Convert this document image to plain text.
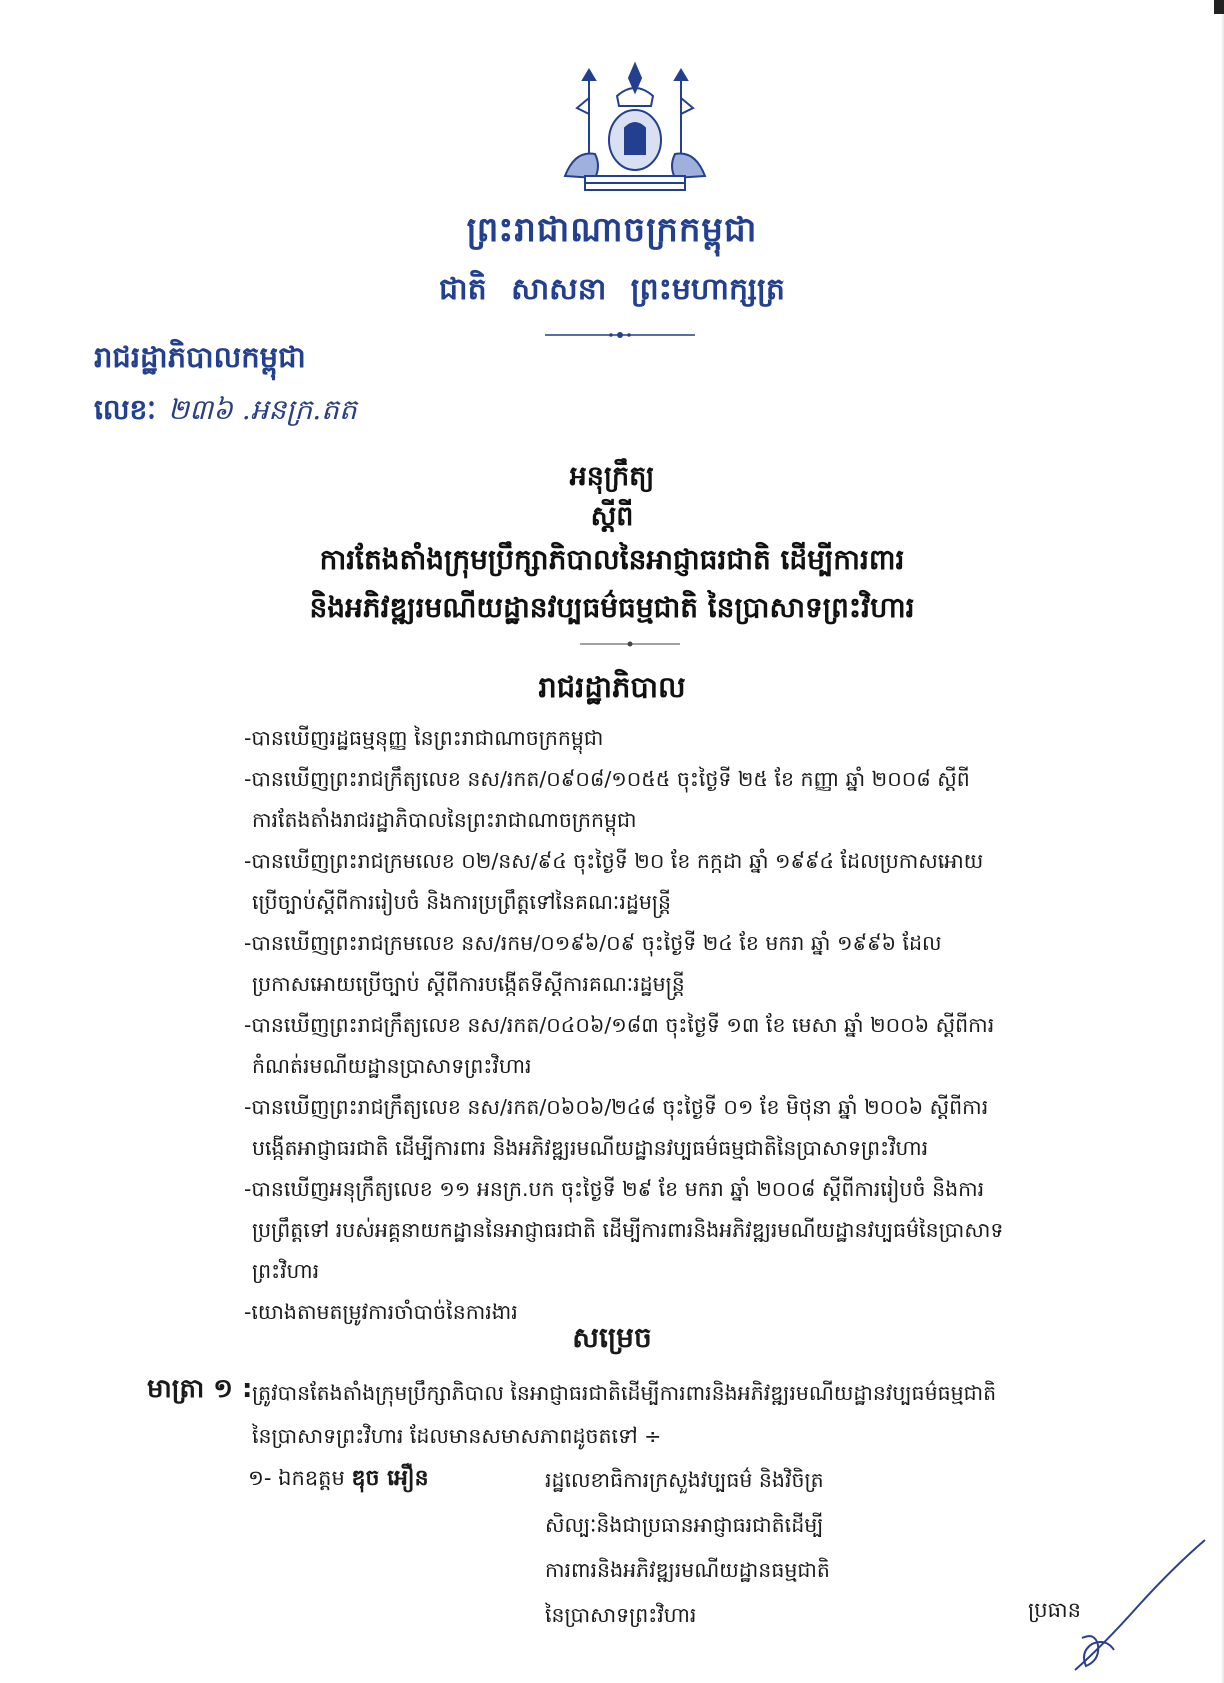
ព្រះរាជាណាចក្រកម្ពុជា
ជាតិ សាសនា ព្រះមហាក្សត្រ
រាជរដ្ឋាភិបាលកម្ពុជា
លេខៈ ២៣៦ .អនក្រ.តត
អនុក្រឹត្យ
ស្តីពី
ការតែងតាំងក្រុមប្រឹក្សាភិបាលនៃអាជ្ញាធរជាតិ ដើម្បីការពារ
និងអភិវឌ្ឍរមណីយដ្ឋានវប្បធម៌ធម្មជាតិ នៃប្រាសាទព្រះវិហារ
រាជរដ្ឋាភិបាល

-បានឃើញរដ្ឋធម្មនុញ្ញ នៃព្រះរាជាណាចក្រកម្ពុជា

-បានឃើញព្រះរាជក្រឹត្យលេខ នស/រកត/០៩០៨/១០៥៥ ចុះថ្ងៃទី ២៥ ខែ កញ្ញា ឆ្នាំ ២០០៨ ស្តីពី

ការតែងតាំងរាជរដ្ឋាភិបាលនៃព្រះរាជាណាចក្រកម្ពុជា

-បានឃើញព្រះរាជក្រមលេខ ០២/នស/៩៤ ចុះថ្ងៃទី ២០ ខែ កក្កដា ឆ្នាំ ១៩៩៤ ដែលប្រកាសអោយ

ប្រើច្បាប់ស្តីពីការរៀបចំ និងការប្រព្រឹត្តទៅនៃគណៈរដ្ឋមន្ត្រី

-បានឃើញព្រះរាជក្រមលេខ នស/រកម/០១៩៦/០៩ ចុះថ្ងៃទី ២៤ ខែ មករា ឆ្នាំ ១៩៩៦ ដែល

ប្រកាសអោយប្រើច្បាប់ ស្តីពីការបង្កើតទីស្តីការគណៈរដ្ឋមន្ត្រី

-បានឃើញព្រះរាជក្រឹត្យលេខ នស/រកត/០៤០៦/១៨៣ ចុះថ្ងៃទី ១៣ ខែ មេសា ឆ្នាំ ២០០៦ ស្តីពីការ

កំណត់រមណីយដ្ឋានប្រាសាទព្រះវិហារ

-បានឃើញព្រះរាជក្រឹត្យលេខ នស/រកត/០៦០៦/២៤៨ ចុះថ្ងៃទី ០១ ខែ មិថុនា ឆ្នាំ ២០០៦ ស្តីពីការ

បង្កើតអាជ្ញាធរជាតិ ដើម្បីការពារ និងអភិវឌ្ឍរមណីយដ្ឋានវប្បធម៌ធម្មជាតិនៃប្រាសាទព្រះវិហារ

-បានឃើញអនុក្រឹត្យលេខ ១១ អនក្រ.បក ចុះថ្ងៃទី ២៩ ខែ មករា ឆ្នាំ ២០០៨ ស្តីពីការរៀបចំ និងការ

ប្រព្រឹត្តទៅ របស់អគ្គនាយកដ្ឋាននៃអាជ្ញាធរជាតិ ដើម្បីការពារនិងអភិវឌ្ឍរមណីយដ្ឋានវប្បធម៌នៃប្រាសាទ

ព្រះវិហារ

-យោងតាមតម្រូវការចាំបាច់នៃការងារ

សម្រេច
មាត្រា ១ : ត្រូវបានតែងតាំងក្រុមប្រឹក្សាភិបាល នៃអាជ្ញាធរជាតិដើម្បីការពារនិងអភិវឌ្ឍរមណីយដ្ឋានវប្បធម៌ធម្មជាតិ

នៃប្រាសាទព្រះវិហារ ដែលមានសមាសភាពដូចតទៅ ÷

១- ឯកឧត្តម ឌុច អឿន	រដ្ឋលេខាធិការក្រសួងវប្បធម៌ និងវិចិត្រ

សិល្បៈនិងជាប្រធានអាជ្ញាធរជាតិដើម្បី

ការពារនិងអភិវឌ្ឍរមណីយដ្ឋានធម្មជាតិ

នៃប្រាសាទព្រះវិហារ	ប្រធាន
